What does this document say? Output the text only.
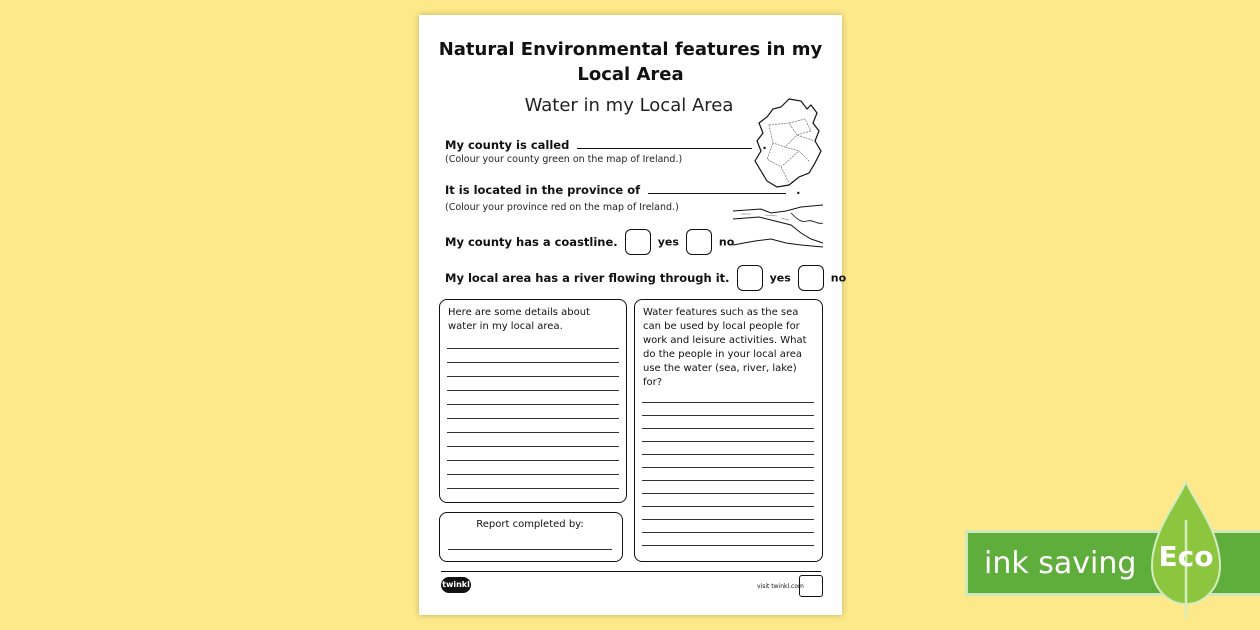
Natural Environmental features in my
Local Area
Water in my Local Area
My county is called	.
(Colour your county green on the map of Ireland.)
It is located in the province of	.
(Colour your province red on the map of Ireland.)
My county has a coastline.	yes	no
My local area has a river flowing through it.	yes	no
Here are some details about water in my local area.
Report completed by:
Water features such as the sea can be used by local people for work and leisure activities. What do the people in your local area use the water (sea, river, lake) for?
twinkl	visit twinkl.com
ink saving Eco
